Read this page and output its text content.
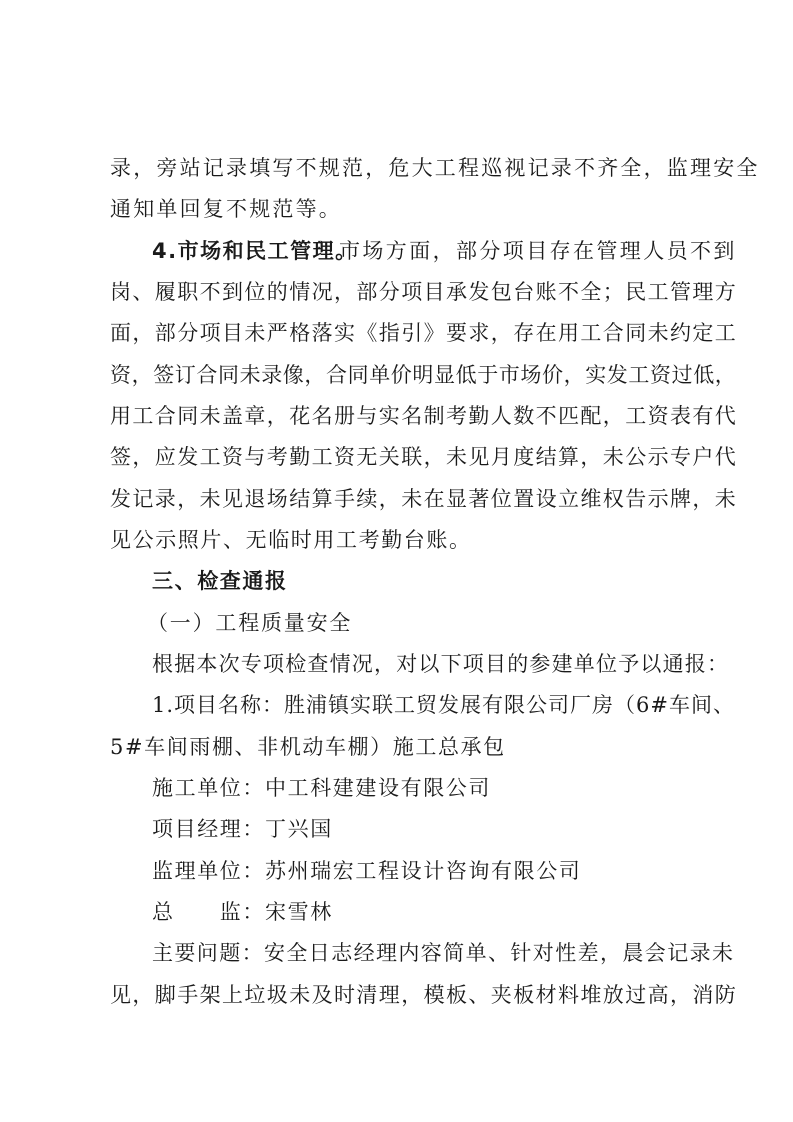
录，旁站记录填写不规范，危大工程巡视记录不齐全，监理安全
通知单回复不规范等。
4.市场和民工管理。
市场方面，部分项目存在管理人员不到
岗、履职不到位的情况，部分项目承发包台账不全；民工管理方
面，部分项目未严格落实《指引》要求，存在用工合同未约定工
资，签订合同未录像，合同单价明显低于市场价，实发工资过低，
用工合同未盖章，花名册与实名制考勤人数不匹配，工资表有代
签，应发工资与考勤工资无关联，未见月度结算，未公示专户代
发记录，未见退场结算手续，未在显著位置设立维权告示牌，未
见公示照片、无临时用工考勤台账。
三、检查通报
（一）工程质量安全
根据本次专项检查情况，对以下项目的参建单位予以通报：
1.项目名称：胜浦镇实联工贸发展有限公司厂房（6#车间、
5#车间雨棚、非机动车棚）施工总承包
施工单位：中工科建建设有限公司
项目经理：丁兴国
监理单位：苏州瑞宏工程设计咨询有限公司
总　　监：宋雪林
主要问题：安全日志经理内容简单、针对性差，晨会记录未
见，脚手架上垃圾未及时清理，模板、夹板材料堆放过高，消防
